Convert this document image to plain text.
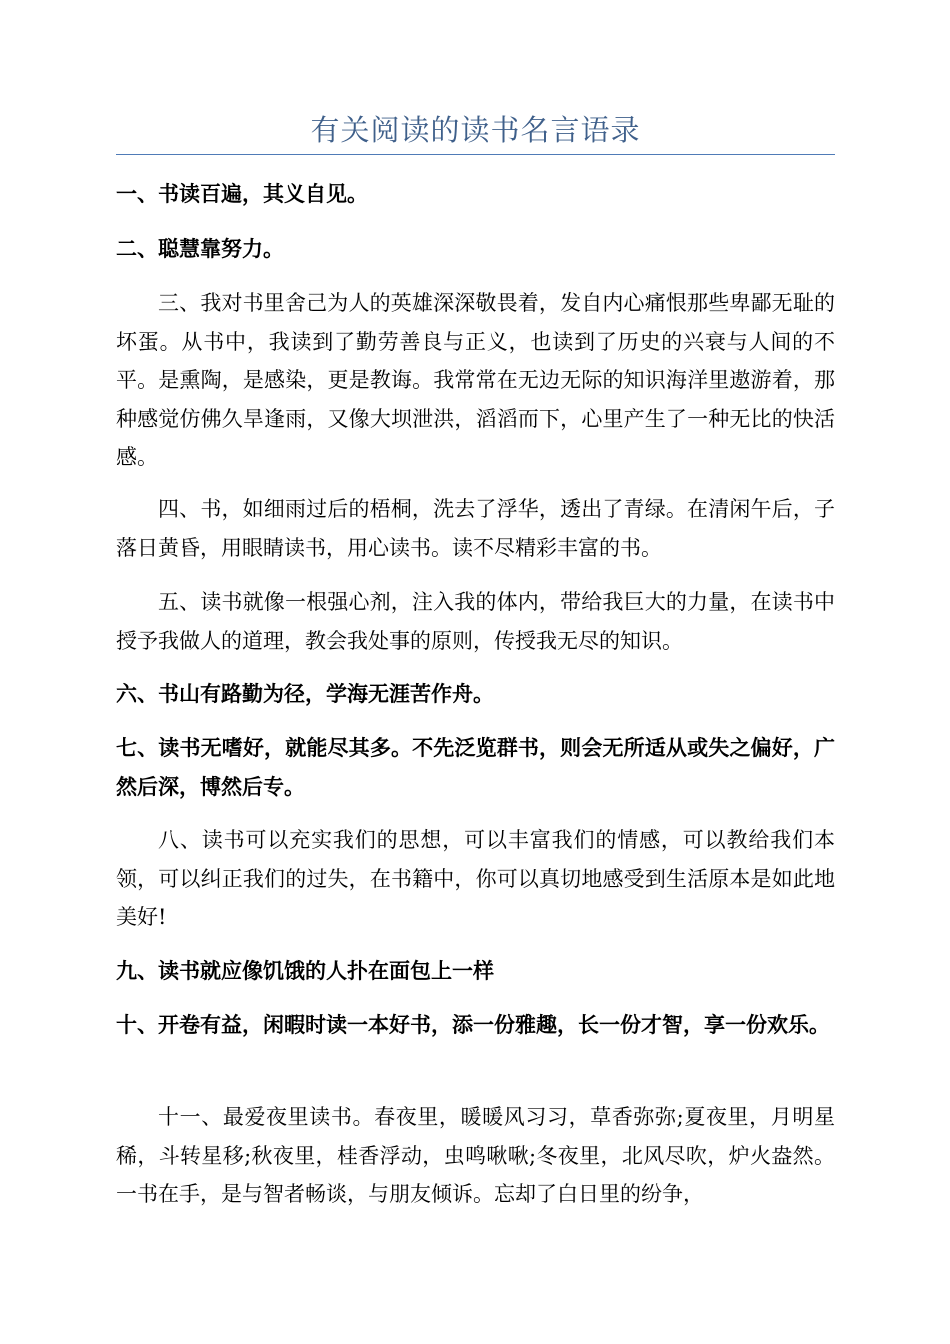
有关阅读的读书名言语录

一、书读百遍，其义自见。

二、聪慧靠努力。

三、我对书里舍己为人的英雄深深敬畏着，发自内心痛恨那些卑鄙无耻的坏蛋。从书中，我读到了勤劳善良与正义，也读到了历史的兴衰与人间的不平。是熏陶，是感染，更是教诲。我常常在无边无际的知识海洋里遨游着，那种感觉仿佛久旱逢雨，又像大坝泄洪，滔滔而下，心里产生了一种无比的快活感。

四、书，如细雨过后的梧桐，洗去了浮华，透出了青绿。在清闲午后，子落日黄昏，用眼睛读书，用心读书。读不尽精彩丰富的书。

五、读书就像一根强心剂，注入我的体内，带给我巨大的力量，在读书中授予我做人的道理，教会我处事的原则，传授我无尽的知识。

六、书山有路勤为径，学海无涯苦作舟。

七、读书无嗜好，就能尽其多。不先泛览群书，则会无所适从或失之偏好，广然后深，博然后专。

八、读书可以充实我们的思想，可以丰富我们的情感，可以教给我们本领，可以纠正我们的过失，在书籍中，你可以真切地感受到生活原本是如此地美好!

九、读书就应像饥饿的人扑在面包上一样

十、开卷有益，闲暇时读一本好书，添一份雅趣，长一份才智，享一份欢乐。

十一、最爱夜里读书。春夜里，暖暖风习习，草香弥弥;夏夜里，月明星稀，斗转星移;秋夜里，桂香浮动，虫鸣啾啾;冬夜里，北风尽吹，炉火盎然。一书在手，是与智者畅谈，与朋友倾诉。忘却了白日里的纷争，
